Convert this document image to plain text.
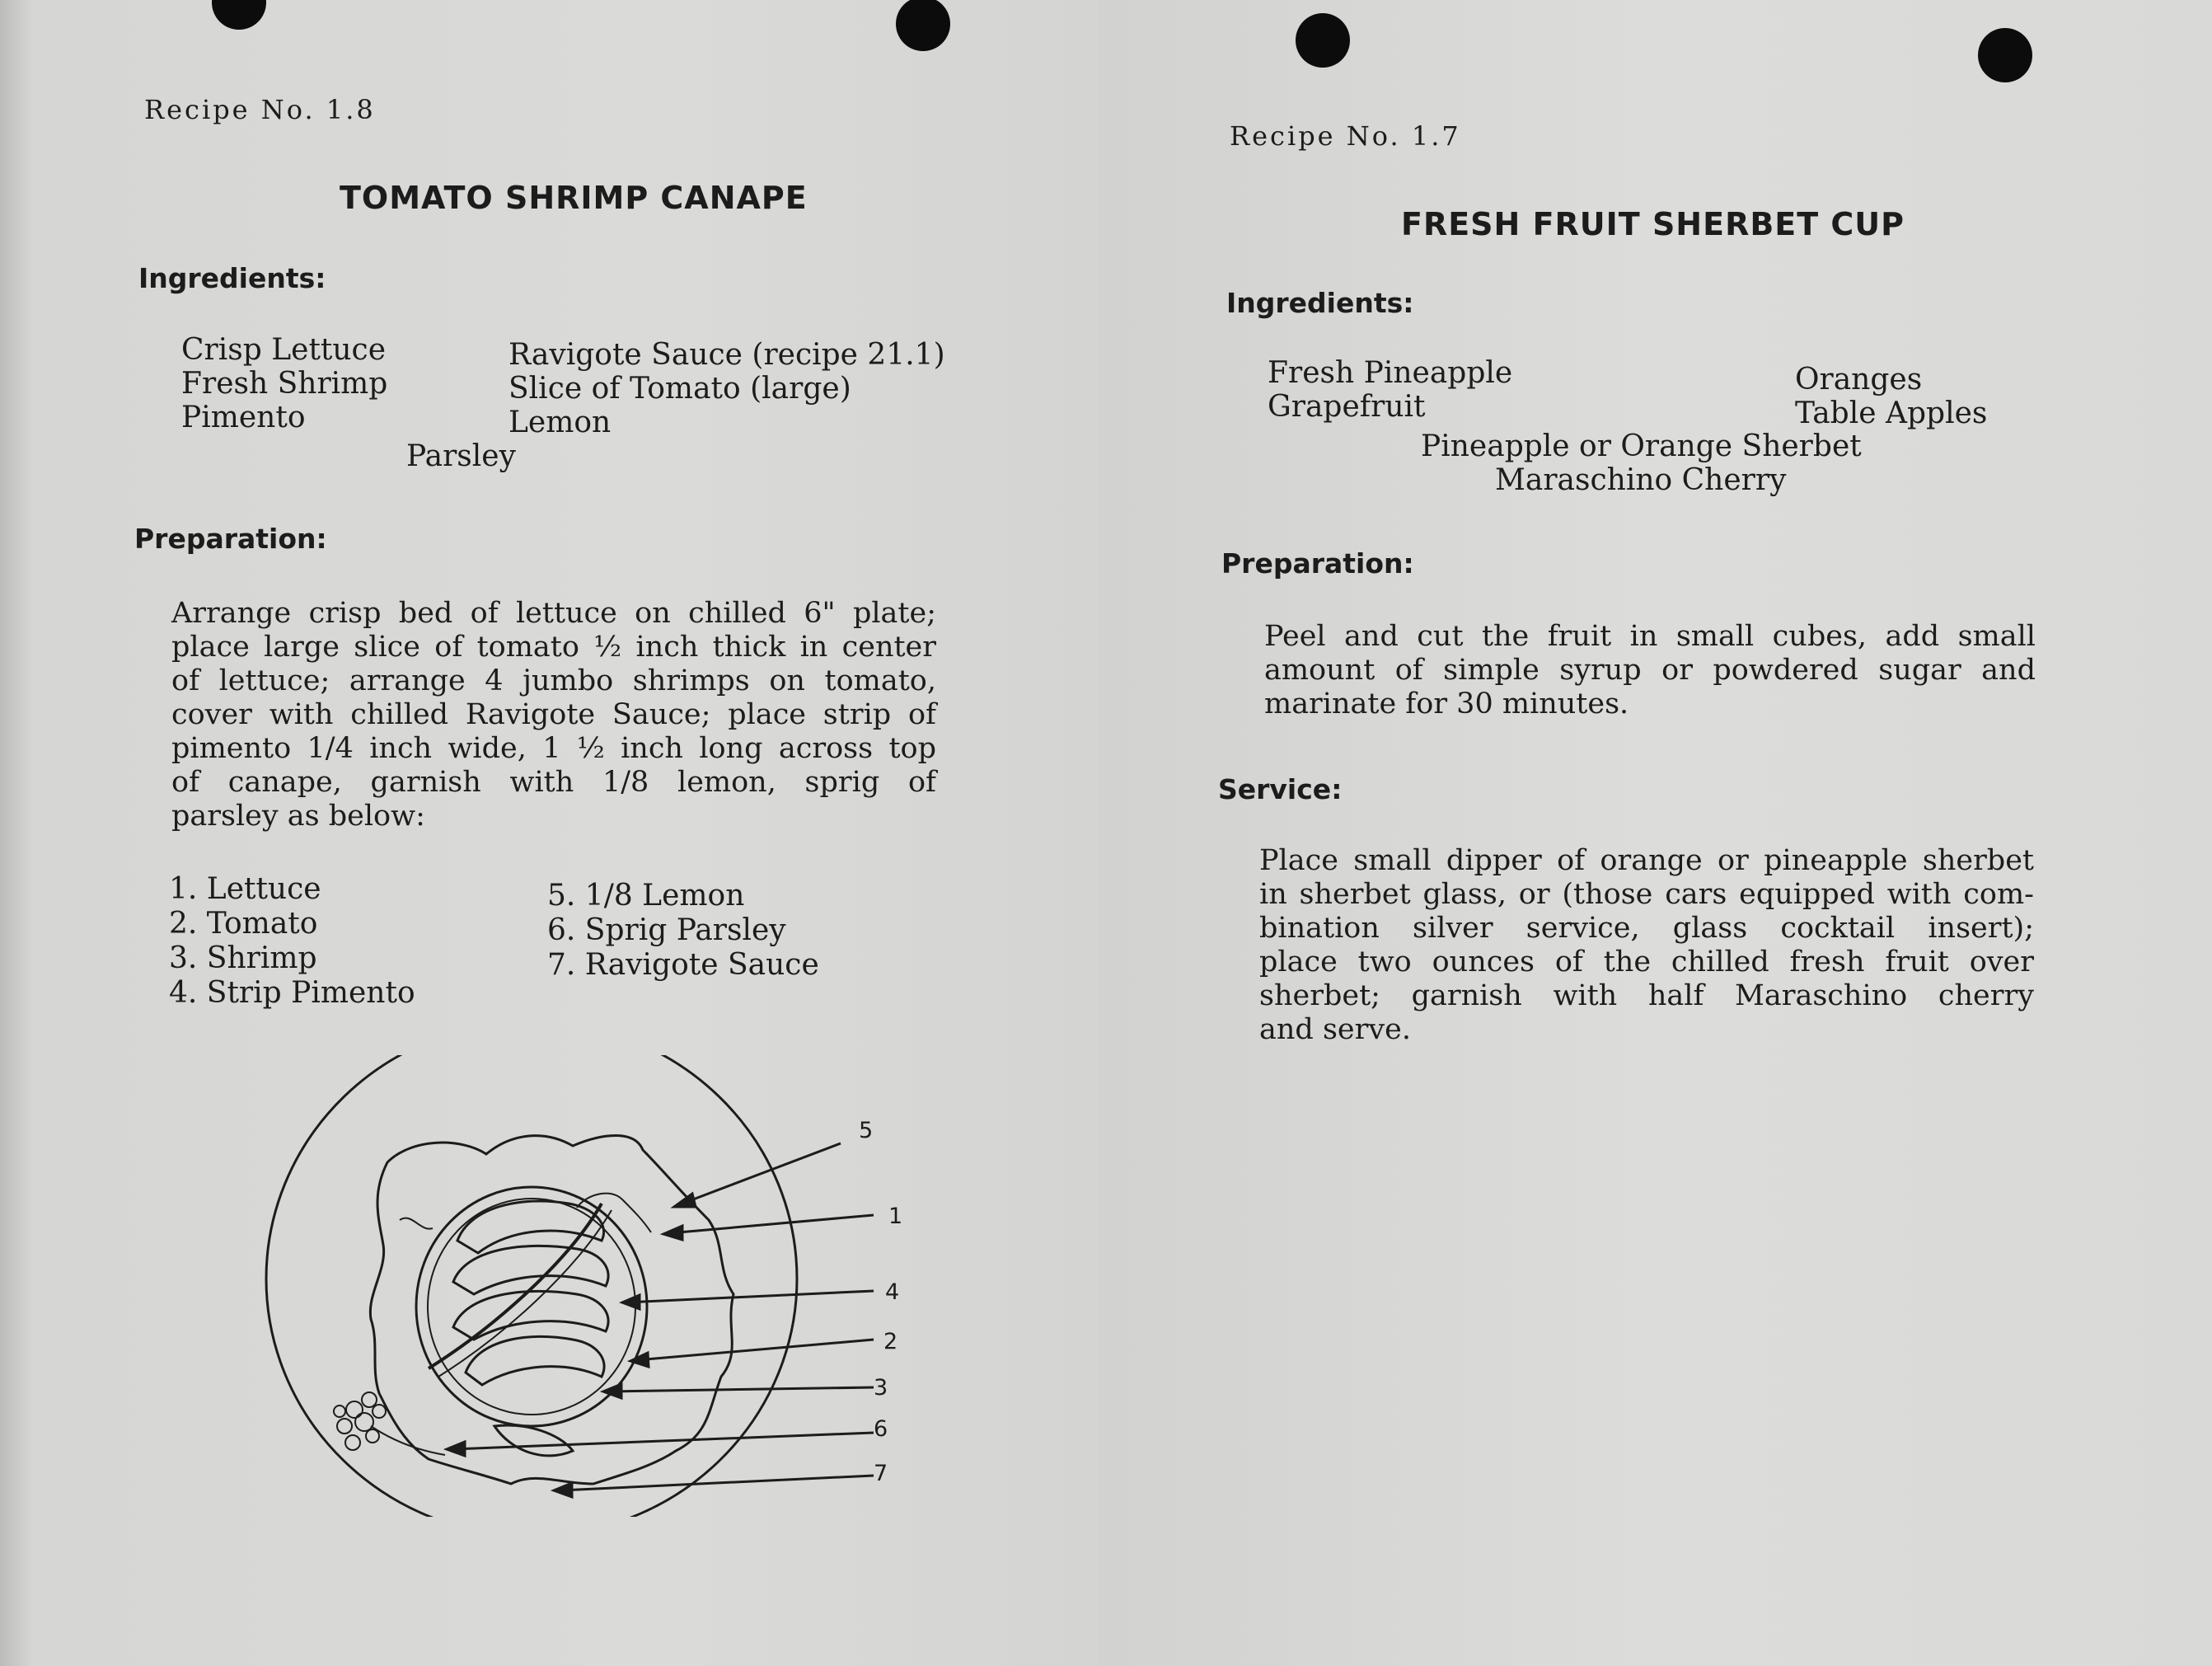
Recipe No. 1.8
TOMATO SHRIMP CANAPE
Ingredients:
Crisp Lettuce
Fresh Shrimp
Pimento
Ravigote Sauce (recipe 21.1)
Slice of Tomato (large)
Lemon
Parsley
Preparation:
Arrange crisp bed of lettuce on chilled 6" plate;
place large slice of tomato ½ inch thick in center
of lettuce; arrange 4 jumbo shrimps on tomato,
cover with chilled Ravigote Sauce; place strip of
pimento 1/4 inch wide, 1 ½ inch long across top
of canape, garnish with 1/8 lemon, sprig of
parsley as below:
1. Lettuce
2. Tomato
3. Shrimp
4. Strip Pimento
5. 1/8 Lemon
6. Sprig Parsley
7. Ravigote Sauce
5
1
4
2
3
6
7
Recipe No. 1.7
FRESH FRUIT SHERBET CUP
Ingredients:
Fresh Pineapple
Grapefruit
Oranges
Table Apples
Pineapple or Orange Sherbet
Maraschino Cherry
Preparation:
Peel and cut the fruit in small cubes, add small
amount of simple syrup or powdered sugar and
marinate for 30 minutes.
Service:
Place small dipper of orange or pineapple sherbet
in sherbet glass, or (those cars equipped with com-
bination silver service, glass cocktail insert);
place two ounces of the chilled fresh fruit over
sherbet; garnish with half Maraschino cherry
and serve.
